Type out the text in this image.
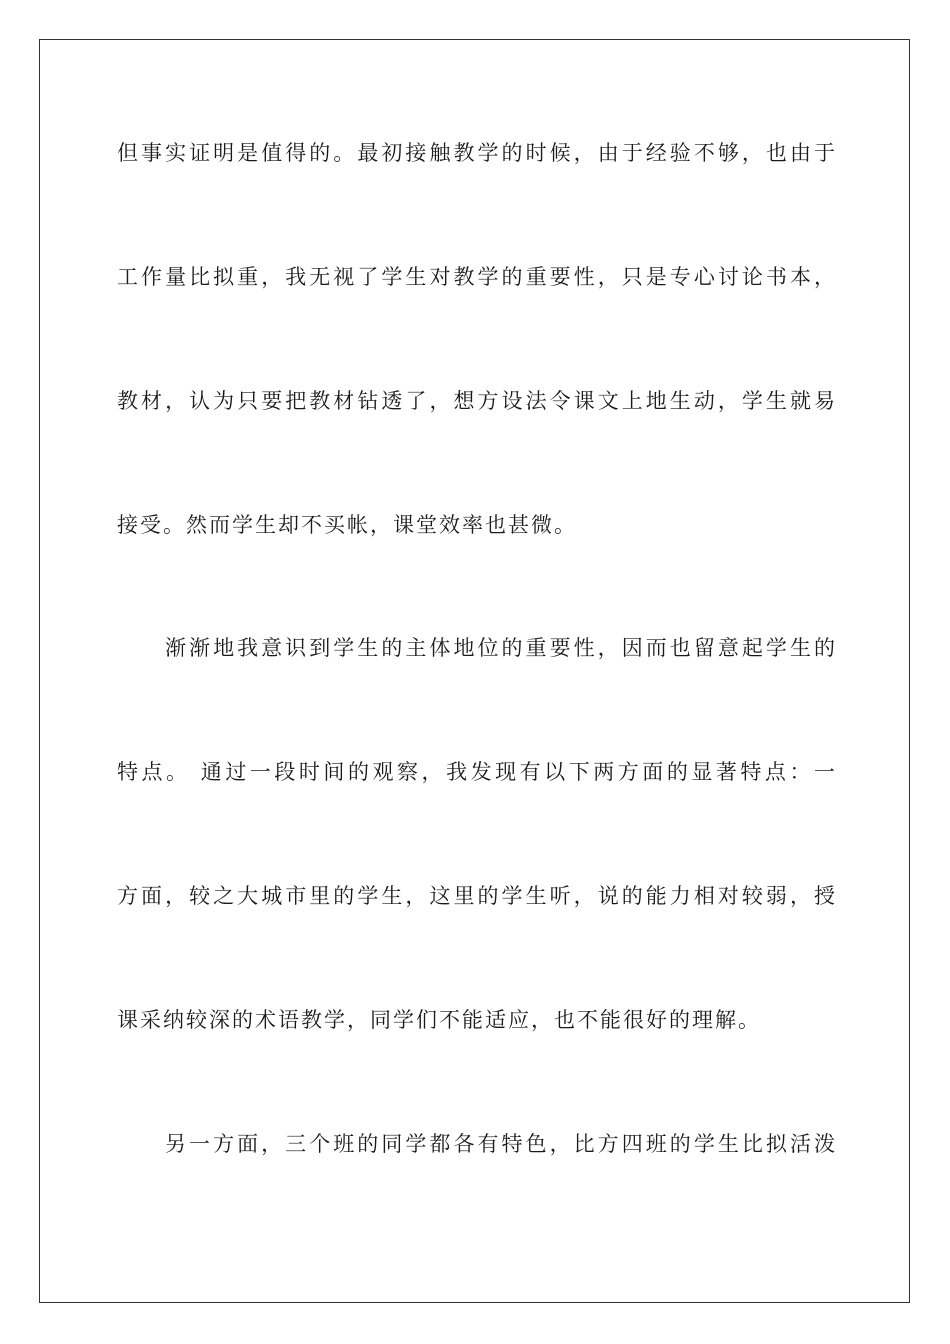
但事实证明是值得的。最初接触教学的时候，由于经验不够，也由于
工作量比拟重，我无视了学生对教学的重要性，只是专心讨论书本，
教材，认为只要把教材钻透了，想方设法令课文上地生动，学生就易
接受。然而学生却不买帐，课堂效率也甚微。
渐渐地我意识到学生的主体地位的重要性，因而也留意起学生的
特点。 通过一段时间的观察，我发现有以下两方面的显著特点：一
方面，较之大城市里的学生，这里的学生听，说的能力相对较弱，授
课采纳较深的术语教学，同学们不能适应，也不能很好的理解。
另一方面，三个班的同学都各有特色，比方四班的学生比拟活泼
